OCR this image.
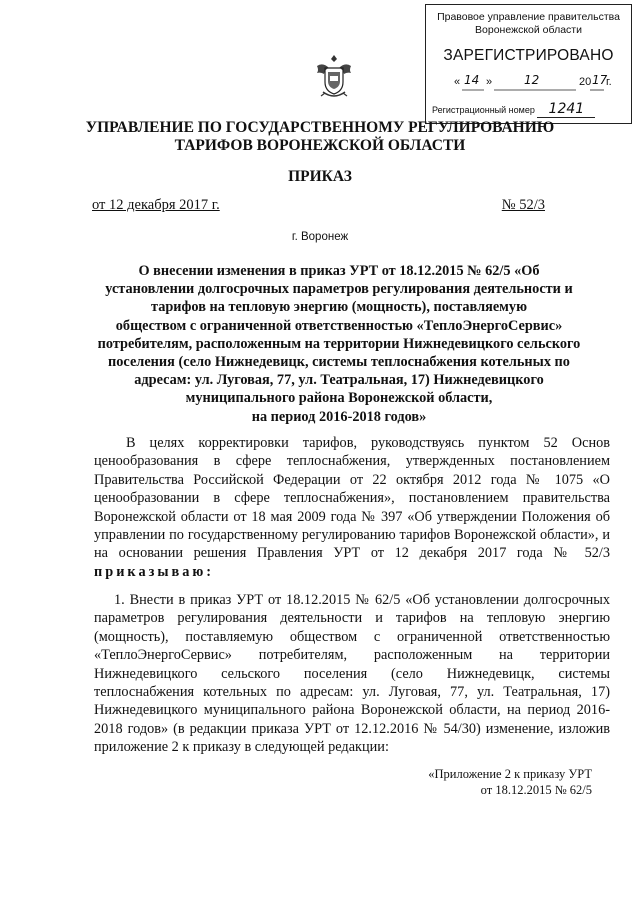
Правовое управление правительства
Воронежской области
ЗАРЕГИСТРИРОВАНО
« 14 »	12	20 17
г.
Регистрационный номер 1241
УПРАВЛЕНИЕ ПО ГОСУДАРСТВЕННОМУ РЕГУЛИРОВАНИЮ
ТАРИФОВ ВОРОНЕЖСКОЙ ОБЛАСТИ
ПРИКАЗ
от 12 декабря 2017 г.	№ 52/3
г. Воронеж
О внесении изменения в приказ УРТ от 18.12.2015 № 62/5 «Об
установлении долгосрочных параметров регулирования деятельности и
тарифов на тепловую энергию (мощность), поставляемую
обществом с ограниченной ответственностью «ТеплоЭнергоСервис»
потребителям, расположенным на территории Нижнедевицкого сельского
поселения (село Нижнедевицк, системы теплоснабжения котельных по
адресам: ул. Луговая, 77, ул. Театральная, 17) Нижнедевицкого
муниципального района Воронежской области,
на период 2016-2018 годов»
В целях корректировки тарифов, руководствуясь пунктом 52 Основ ценообразования в сфере теплоснабжения, утвержденных постановлением Правительства Российской Федерации от 22 октября 2012 года № 1075 «О ценообразовании в сфере теплоснабжения», постановлением правительства Воронежской области от 18 мая 2009 года № 397 «Об утверждении Положения об управлении по государственному регулированию тарифов Воронежской области», и на основании решения Правления УРТ от 12 декабря 2017 года № 52/3 приказываю:
1. Внести в приказ УРТ от 18.12.2015 № 62/5 «Об установлении долгосрочных параметров регулирования деятельности и тарифов на тепловую энергию (мощность), поставляемую обществом с ограниченной ответственностью «ТеплоЭнергоСервис» потребителям, расположенным на территории Нижнедевицкого сельского поселения (село Нижнедевицк, системы теплоснабжения котельных по адресам: ул. Луговая, 77, ул. Театральная, 17) Нижнедевицкого муниципального района Воронежской области, на период 2016-2018 годов» (в редакции приказа УРТ от 12.12.2016 № 54/30) изменение, изложив приложение 2 к приказу в следующей редакции:
«Приложение 2 к приказу УРТ
от 18.12.2015 № 62/5
